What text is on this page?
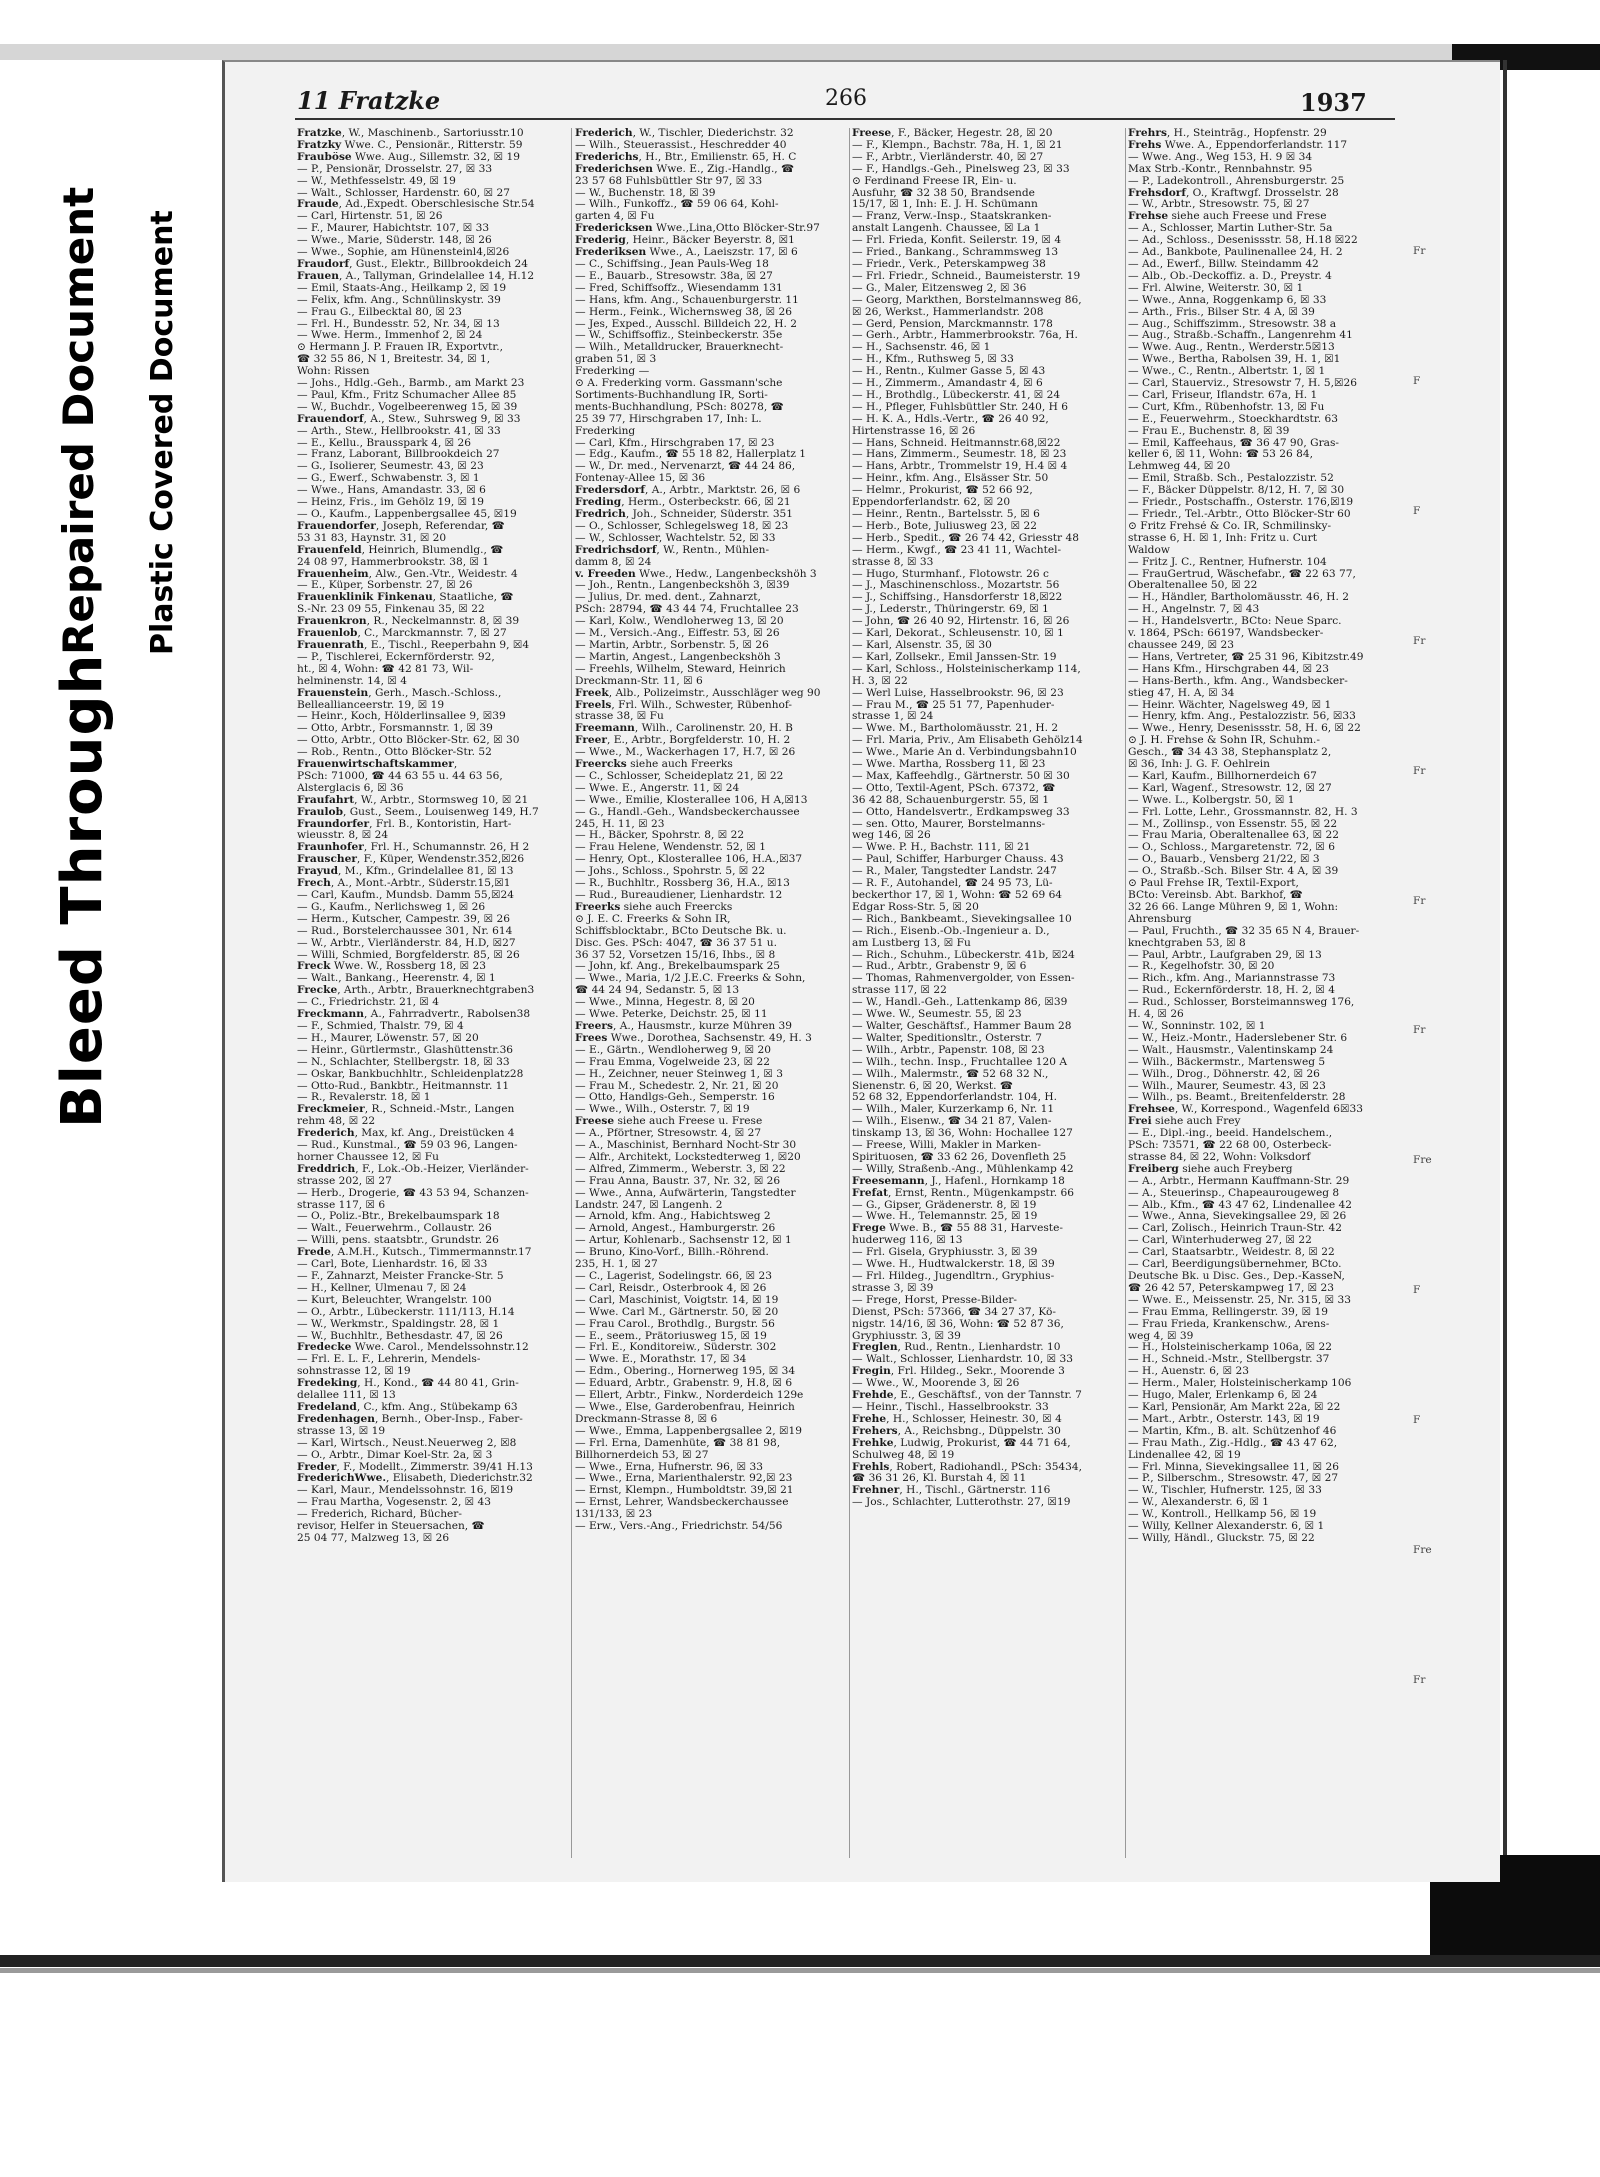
Bleed Through
Repaired Document Plastic Covered Document
11 Fratzke	266	1937
Fratzke, W., Maschinenb., Sartoriusstr.10
Fratzky Wwe. C., Pensionär., Ritterstr. 59
Frauböse Wwe. Aug., Sillemstr. 32, ☒ 19
— P., Pensionär, Drosselstr. 27, ☒ 33
— W., Methfesselstr. 49, ☒ 19
— Walt., Schlosser, Hardenstr. 60, ☒ 27
Fraude, Ad.,Expedt. Oberschlesische Str.54
— Carl, Hirtenstr. 51, ☒ 26
— F., Maurer, Habichtstr. 107, ☒ 33
— Wwe., Marie, Süderstr. 148, ☒ 26
— Wwe., Sophie, am Hünensteinl4,☒26
Fraudorf, Gust., Elektr., Billbrookdeich 24
Frauen, A., Tallyman, Grindelallee 14, H.12
— Emil, Staats-Ang., Heilkamp 2, ☒ 19
— Felix, kfm. Ang., Schnülinskystr. 39
— Frau G., Eilbecktal 80, ☒ 23
— Frl. H., Bundesstr. 52, Nr. 34, ☒ 13
— Wwe. Herm., Immenhof 2, ☒ 24
⊙ Hermann J. P. Frauen IR, Exportvtr.,
☎ 32 55 86, N 1, Breitestr. 34, ☒ 1,
Wohn: Rissen
— Johs., Hdlg.-Geh., Barmb., am Markt 23
— Paul, Kfm., Fritz Schumacher Allee 85
— W., Buchdr., Vogelbeerenweg 15, ☒ 39
Frauendorf, A., Stew., Suhrsweg 9, ☒ 33
— Arth., Stew., Hellbrookstr. 41, ☒ 33
— E., Kellu., Brausspark 4, ☒ 26
— Franz, Laborant, Billbrookdeich 27
— G., Isolierer, Seumestr. 43, ☒ 23
— G., Ewerf., Schwabenstr. 3, ☒ 1
— Wwe., Hans, Amandastr. 33, ☒ 6
— Heinz, Fris., im Gehölz 19, ☒ 19
— O., Kaufm., Lappenbergsallee 45, ☒19
Frauendorfer, Joseph, Referendar, ☎
53 31 83, Haynstr. 31, ☒ 20
Frauenfeld, Heinrich, Blumendlg., ☎
24 08 97, Hammerbrookstr. 38, ☒ 1
Frauenheim, Alw., Gen.-Vtr., Weidestr. 4
— E., Küper, Sorbenstr. 27, ☒ 26
Frauenklinik Finkenau, Staatliche, ☎
S.-Nr. 23 09 55, Finkenau 35, ☒ 22
Frauenkron, R., Neckelmannstr. 8, ☒ 39
Frauenlob, C., Marckmannstr. 7, ☒ 27
Frauenrath, E., Tischl., Reeperbahn 9, ☒4
— P., Tischlerei, Eckernförderstr. 92,
ht., ☒ 4, Wohn: ☎ 42 81 73, Wil-
helminenstr. 14, ☒ 4
Frauenstein, Gerh., Masch.-Schloss.,
Belleallianceerstr. 19, ☒ 19
— Heinr., Koch, Hölderlinsallee 9, ☒39
— Otto, Arbtr., Forsmannstr. 1, ☒ 39
— Otto, Arbtr., Otto Blöcker-Str. 62, ☒ 30
— Rob., Rentn., Otto Blöcker-Str. 52
Frauenwirtschaftskammer,
PSch: 71000, ☎ 44 63 55 u. 44 63 56,
Alsterglacis 6, ☒ 36
Fraufahrt, W., Arbtr., Stormsweg 10, ☒ 21
Fraulob, Gust., Seem., Louisenweg 149, H.7
Fraundorfer, Frl. B., Kontoristin, Hart-
wieusstr. 8, ☒ 24
Fraunhofer, Frl. H., Schumannstr. 26, H 2
Frauscher, F., Küper, Wendenstr.352,☒26
Frayud, M., Kfm., Grindelallee 81, ☒ 13
Frech, A., Mont.-Arbtr., Süderstr.15,☒1
— Carl, Kaufm., Mundsb. Damm 55,☒24
— G., Kaufm., Nerlichsweg 1, ☒ 26
— Herm., Kutscher, Campestr. 39, ☒ 26
— Rud., Borstelerchaussee 301, Nr. 614
— W., Arbtr., Vierländerstr. 84, H.D, ☒27
— Willi, Schmied, Borgfelderstr. 85, ☒ 26
Freck Wwe. W., Rossberg 18, ☒ 23
— Walt., Bankang., Heerenstr. 4, ☒ 1
Frecke, Arth., Arbtr., Brauerknechtgraben3
— C., Friedrichstr. 21, ☒ 4
Freckmann, A., Fahrradvertr., Rabolsen38
— F., Schmied, Thalstr. 79, ☒ 4
— H., Maurer, Löwenstr. 57, ☒ 20
— Heinr., Gürtlermstr., Glashüttenstr.36
— N., Schlachter, Stellbergstr. 18, ☒ 33
— Oskar, Bankbuchhltr., Schleidenplatz28
— Otto-Rud., Bankbtr., Heitmannstr. 11
— R., Revalerstr. 18, ☒ 1
Freckmeier, R., Schneid.-Mstr., Langen
rehm 48, ☒ 22
Frederich, Max, kf. Ang., Dreistücken 4
— Rud., Kunstmal., ☎ 59 03 96, Langen-
horner Chaussee 12, ☒ Fu
Freddrich, F., Lok.-Ob.-Heizer, Vierländer-
strasse 202, ☒ 27
— Herb., Drogerie, ☎ 43 53 94, Schanzen-
strasse 117, ☒ 6
— O., Poliz.-Btr., Brekelbaumspark 18
— Walt., Feuerwehrm., Collaustr. 26
— Willi, pens. staatsbtr., Grundstr. 26
Frede, A.M.H., Kutsch., Timmermannstr.17
— Carl, Bote, Lienhardstr. 16, ☒ 33
— F., Zahnarzt, Meister Francke-Str. 5
— H., Kellner, Ulmenau 7, ☒ 24
— Kurt, Beleuchter, Wrangelstr. 100
— O., Arbtr., Lübeckerstr. 111/113, H.14
— W., Werkmstr., Spaldingstr. 28, ☒ 1
— W., Buchhltr., Bethesdastr. 47, ☒ 26
Fredecke Wwe. Carol., Mendelssohnstr.12
— Frl. E. L. F., Lehrerin, Mendels-
sohnstrasse 12, ☒ 19
Fredeking, H., Kond., ☎ 44 80 41, Grin-
delallee 111, ☒ 13
Fredeland, C., kfm. Ang., Stübekamp 63
Fredenhagen, Bernh., Ober-Insp., Faber-
strasse 13, ☒ 19
— Karl, Wirtsch., Neust.Neuerweg 2, ☒8
— O., Arbtr., Dimar Koel-Str. 2a, ☒ 3
Freder, F., Modellt., Zimmerstr. 39/41 H.13
FrederichWwe., Elisabeth, Diederichstr.32
— Karl, Maur., Mendelssohnstr. 16, ☒19
— Frau Martha, Vogesenstr. 2, ☒ 43
— Frederich, Richard, Bücher-
revisor, Helfer in Steuersachen, ☎
25 04 77, Malzweg 13, ☒ 26
Frederich, W., Tischler, Diederichstr. 32
— Wilh., Steuerassist., Heschredder 40
Frederichs, H., Btr., Emilienstr. 65, H. C
Frederichsen Wwe. E., Zig.-Handlg., ☎
23 57 68 Fuhlsbüttler Str 97, ☒ 33
— W., Buchenstr. 18, ☒ 39
— Wilh., Funkoffz., ☎ 59 06 64, Kohl-
garten 4, ☒ Fu
Fredericksen Wwe.,Lina,Otto Blöcker-Str.97
Frederig, Heinr., Bäcker Beyerstr. 8, ☒1
Frederiksen Wwe., A., Laeiszstr. 17, ☒ 6
— C., Schiffsing., Jean Pauls-Weg 18
— E., Bauarb., Stresowstr. 38a, ☒ 27
— Fred, Schiffsoffz., Wiesendamm 131
— Hans, kfm. Ang., Schauenburgerstr. 11
— Herm., Feink., Wichernsweg 38, ☒ 26
— Jes, Exped., Ausschl. Billdeich 22, H. 2
— W., Schiffsoffiz., Steinbeckerstr. 35e
— Wilh., Metalldrucker, Brauerknecht-
graben 51, ☒ 3
Frederking —
⊙ A. Frederking vorm. Gassmann'sche
Sortiments-Buchhandlung IR, Sorti-
ments-Buchhandlung, PSch: 80278, ☎
25 39 77, Hirschgraben 17, Inh: L.
Frederking
— Carl, Kfm., Hirschgraben 17, ☒ 23
— Edg., Kaufm., ☎ 55 18 82, Hallerplatz 1
— W., Dr. med., Nervenarzt, ☎ 44 24 86,
Fontenay-Allee 15, ☒ 36
Fredersdorf, A., Arbtr., Marktstr. 26, ☒ 6
Freding, Herm., Osterbeckstr. 66, ☒ 21
Fredrich, Joh., Schneider, Süderstr. 351
— O., Schlosser, Schlegelsweg 18, ☒ 23
— W., Schlosser, Wachtelstr. 52, ☒ 33
Fredrichsdorf, W., Rentn., Mühlen-
damm 8, ☒ 24
v. Freeden Wwe., Hedw., Langenbeckshöh 3
— Joh., Rentn., Langenbeckshöh 3, ☒39
— Julius, Dr. med. dent., Zahnarzt,
PSch: 28794, ☎ 43 44 74, Fruchtallee 23
— Karl, Kolw., Wendloherweg 13, ☒ 20
— M., Versich.-Ang., Eiffestr. 53, ☒ 26
— Martin, Arbtr., Sorbenstr. 5, ☒ 26
— Martin, Angest., Langenbeckshöh 3
— Freehls, Wilhelm, Steward, Heinrich
Dreckmann-Str. 11, ☒ 6
Freek, Alb., Polizeimstr., Ausschläger weg 90
Freels, Frl. Wilh., Schwester, Rübenhof-
strasse 38, ☒ Fu
Freemann, Wilh., Carolinenstr. 20, H. B
Freer, E., Arbtr., Borgfelderstr. 10, H. 2
— Wwe., M., Wackerhagen 17, H.7, ☒ 26
Freercks siehe auch Freerks
— C., Schlosser, Scheideplatz 21, ☒ 22
— Wwe. E., Angerstr. 11, ☒ 24
— Wwe., Emilie, Klosterallee 106, H A,☒13
— G., Handl.-Geh., Wandsbeckerchaussee
245, H. 11, ☒ 23
— H., Bäcker, Spohrstr. 8, ☒ 22
— Frau Helene, Wendenstr. 52, ☒ 1
— Henry, Opt., Klosterallee 106, H.A.,☒37
— Johs., Schloss., Spohrstr. 5, ☒ 22
— R., Buchhltr., Rossberg 36, H.A., ☒13
— Rud., Bureaudiener, Lienhardstr. 12
Freerks siehe auch Freercks
⊙ J. E. C. Freerks & Sohn IR,
Schiffsblocktabr., BCto Deutsche Bk. u.
Disc. Ges. PSch: 4047, ☎ 36 37 51 u.
36 37 52, Vorsetzen 15/16, Ihbs., ☒ 8
— John, kf. Ang., Brekelbaumspark 25
— Wwe., Maria, 1/2 J.E.C. Freerks & Sohn,
☎ 44 24 94, Sedanstr. 5, ☒ 13
— Wwe., Minna, Hegestr. 8, ☒ 20
— Wwe. Peterke, Deichstr. 25, ☒ 11
Freers, A., Hausmstr., kurze Mühren 39
Frees Wwe., Dorothea, Sachsenstr. 49, H. 3
— E., Gärtn., Wendloherweg 9, ☒ 20
— Frau Emma, Vogelweide 23, ☒ 22
— H., Zeichner, neuer Steinweg 1, ☒ 3
— Frau M., Schedestr. 2, Nr. 21, ☒ 20
— Otto, Handlgs-Geh., Semperstr. 16
— Wwe., Wilh., Osterstr. 7, ☒ 19
Freese siehe auch Freese u. Frese
— A., Pförtner, Stresowstr. 4, ☒ 27
— A., Maschinist, Bernhard Nocht-Str 30
— Alfr., Architekt, Lockstedterweg 1, ☒20
— Alfred, Zimmerm., Weberstr. 3, ☒ 22
— Frau Anna, Baustr. 37, Nr. 32, ☒ 26
— Wwe., Anna, Aufwärterin, Tangstedter
Landstr. 247, ☒ Langenh. 2
— Arnold, kfm. Ang., Habichtsweg 2
— Arnold, Angest., Hamburgerstr. 26
— Artur, Kohlenarb., Sachsenstr 12, ☒ 1
— Bruno, Kino-Vorf., Billh.-Röhrend.
235, H. 1, ☒ 27
— C., Lagerist, Sodelingstr. 66, ☒ 23
— Carl, Reisdr., Osterbrook 4, ☒ 26
— Carl, Maschinist, Voigtstr. 14, ☒ 19
— Wwe. Carl M., Gärtnerstr. 50, ☒ 20
— Frau Carol., Brothdlg., Burgstr. 56
— E., seem., Prätoriusweg 15, ☒ 19
— Frl. E., Konditoreiw., Süderstr. 302
— Wwe. E., Morathstr. 17, ☒ 34
— Edm., Obering., Hornerweg 195, ☒ 34
— Eduard, Arbtr., Grabenstr. 9, H.8, ☒ 6
— Ellert, Arbtr., Finkw., Norderdeich 129e
— Wwe., Else, Garderobenfrau, Heinrich
Dreckmann-Strasse 8, ☒ 6
— Wwe., Emma, Lappenbergsallee 2, ☒19
— Frl. Erna, Damenhüte, ☎ 38 81 98,
Billhornerdeich 53, ☒ 27
— Wwe., Erna, Hufnerstr. 96, ☒ 33
— Wwe., Erna, Marienthalerstr. 92,☒ 23
— Ernst, Klempn., Humboldtstr. 39,☒ 21
— Ernst, Lehrer, Wandsbeckerchaussee
131/133, ☒ 23
— Erw., Vers.-Ang., Friedrichstr. 54/56
Freese, F., Bäcker, Hegestr. 28, ☒ 20
— F., Klempn., Bachstr. 78a, H. 1, ☒ 21
— F., Arbtr., Vierländerstr. 40, ☒ 27
— F., Handlgs.-Geh., Pinelsweg 23, ☒ 33
⊙ Ferdinand Freese IR, Ein- u.
Ausfuhr, ☎ 32 38 50, Brandsende
15/17, ☒ 1, Inh: E. J. H. Schümann
— Franz, Verw.-Insp., Staatskranken-
anstalt Langenh. Chaussee, ☒ La 1
— Frl. Frieda, Konfit. Seilerstr. 19, ☒ 4
— Fried., Bankang., Schrammsweg 13
— Friedr., Verk., Peterskampweg 38
— Frl. Friedr., Schneid., Baumeisterstr. 19
— G., Maler, Eitzensweg 2, ☒ 36
— Georg, Markthen, Borstelmannsweg 86,
☒ 26, Werkst., Hammerlandstr. 208
— Gerd, Pension, Marckmannstr. 178
— Gerh., Arbtr., Hammerbrookstr. 76a, H.
— H., Sachsenstr. 46, ☒ 1
— H., Kfm., Ruthsweg 5, ☒ 33
— H., Rentn., Kulmer Gasse 5, ☒ 43
— H., Zimmerm., Amandastr 4, ☒ 6
— H., Brothdlg., Lübeckerstr. 41, ☒ 24
— H., Pfleger, Fuhlsbüttler Str. 240, H 6
— H. K. A., Hdls.-Vertr., ☎ 26 40 92,
Hirtenstrasse 16, ☒ 26
— Hans, Schneid. Heitmannstr.68,☒22
— Hans, Zimmerm., Seumestr. 18, ☒ 23
— Hans, Arbtr., Trommelstr 19, H.4 ☒ 4
— Heinr., kfm. Ang., Elsässer Str. 50
— Helmr., Prokurist, ☎ 52 66 92,
Eppendorferlandstr. 62, ☒ 20
— Heinr., Rentn., Bartelsstr. 5, ☒ 6
— Herb., Bote, Juliusweg 23, ☒ 22
— Herb., Spedit., ☎ 26 74 42, Griesstr 48
— Herm., Kwgf., ☎ 23 41 11, Wachtel-
strasse 8, ☒ 33
— Hugo, Sturmhanf., Flotowstr. 26 c
— J., Maschinenschloss., Mozartstr. 56
— J., Schiffsing., Hansdorferstr 18,☒22
— J., Lederstr., Thüringerstr. 69, ☒ 1
— John, ☎ 26 40 92, Hirtenstr. 16, ☒ 26
— Karl, Dekorat., Schleusenstr. 10, ☒ 1
— Karl, Alsenstr. 35, ☒ 30
— Karl, Zollsekr., Emil Janssen-Str. 19
— Karl, Schloss., Holsteinischerkamp 114,
H. 3, ☒ 22
— Werl Luise, Hasselbrookstr. 96, ☒ 23
— Frau M., ☎ 25 51 77, Papenhuder-
strasse 1, ☒ 24
— Wwe. M., Bartholomäusstr. 21, H. 2
— Frl. Maria, Priv., Am Elisabeth Gehölz14
— Wwe., Marie An d. Verbindungsbahn10
— Wwe. Martha, Rossberg 11, ☒ 23
— Max, Kaffeehdlg., Gärtnerstr. 50 ☒ 30
— Otto, Textil-Agent, PSch. 67372, ☎
36 42 88, Schauenburgerstr. 55, ☒ 1
— Otto, Handelsvertr., Erdkampsweg 33
— sen. Otto, Maurer, Borstelmanns-
weg 146, ☒ 26
— Wwe. P. H., Bachstr. 111, ☒ 21
— Paul, Schiffer, Harburger Chauss. 43
— R., Maler, Tangstedter Landstr. 247
— R. F., Autohandel, ☎ 24 95 73, Lü-
beckerthor 17, ☒ 1, Wohn: ☎ 52 69 64
Edgar Ross-Str. 5, ☒ 20
— Rich., Bankbeamt., Sievekingsallee 10
— Rich., Eisenb.-Ob.-Ingenieur a. D.,
am Lustberg 13, ☒ Fu
— Rich., Schuhm., Lübeckerstr. 41b, ☒24
— Rud., Arbtr., Grabenstr 9, ☒ 6
— Thomas, Rahmenvergolder, von Essen-
strasse 117, ☒ 22
— W., Handl.-Geh., Lattenkamp 86, ☒39
— Wwe. W., Seumestr. 55, ☒ 23
— Walter, Geschäftsf., Hammer Baum 28
— Walter, Speditionsltr., Osterstr. 7
— Wilh., Arbtr., Papenstr. 108, ☒ 23
— Wilh., techn. Insp., Fruchtallee 120 A
— Wilh., Malermstr., ☎ 52 68 32 N.,
Sienenstr. 6, ☒ 20, Werkst. ☎
52 68 32, Eppendorferlandstr. 104, H.
— Wilh., Maler, Kurzerkamp 6, Nr. 11
— Wilh., Eisenw., ☎ 34 21 87, Valen-
tinskamp 13, ☒ 36, Wohn: Hochallee 127
— Freese, Willi, Makler in Marken-
Spirituosen, ☎ 33 62 26, Dovenfleth 25
— Willy, Straßenb.-Ang., Mühlenkamp 42
Freesemann, J., Hafenl., Hornkamp 18
Frefat, Ernst, Rentn., Mügenkampstr. 66
— G., Gipser, Grädenerstr. 8, ☒ 19
— Wwe. H., Telemannstr. 25, ☒ 19
Frege Wwe. B., ☎ 55 88 31, Harveste-
huderweg 116, ☒ 13
— Frl. Gisela, Gryphiusstr. 3, ☒ 39
— Wwe. H., Hudtwalckerstr. 18, ☒ 39
— Frl. Hildeg., Jugendltrn., Gryphius-
strasse 3, ☒ 39
— Frege, Horst, Presse-Bilder-
Dienst, PSch: 57366, ☎ 34 27 37, Kö-
nigstr. 14/16, ☒ 36, Wohn: ☎ 52 87 36,
Gryphiusstr. 3, ☒ 39
Freglen, Rud., Rentn., Lienhardstr. 10
— Walt., Schlosser, Lienhardstr. 10, ☒ 33
Fregin, Frl. Hildeg., Sekr., Moorende 3
— Wwe., W., Moorende 3, ☒ 26
Frehde, E., Geschäftsf., von der Tannstr. 7
— Heinr., Tischl., Hasselbrookstr. 33
Frehe, H., Schlosser, Heinestr. 30, ☒ 4
Frehers, A., Reichsbng., Düppelstr. 30
Frehke, Ludwig, Prokurist, ☎ 44 71 64,
Schulweg 48, ☒ 19
Frehls, Robert, Radiohandl., PSch: 35434,
☎ 36 31 26, Kl. Burstah 4, ☒ 11
Frehner, H., Tischl., Gärtnerstr. 116
— Jos., Schlachter, Lutterothstr. 27, ☒19
Frehrs, H., Steintrāg., Hopfenstr. 29
Frehs Wwe. A., Eppendorferlandstr. 117
— Wwe. Ang., Weg 153, H. 9 ☒ 34
Max Strb.-Kontr., Rennbahnstr. 95
— P., Ladekontroll., Ahrensburgerstr. 25
Frehsdorf, O., Kraftwgf. Drosselstr. 28
— W., Arbtr., Stresowstr. 75, ☒ 27
Frehse siehe auch Freese und Frese
— A., Schlosser, Martin Luther-Str. 5a
— Ad., Schloss., Desenissstr. 58, H.18 ☒22
— Ad., Bankbote, Paulinenallee 24, H. 2
— Ad., Ewerf., Billw. Steindamm 42
— Alb., Ob.-Deckoffiz. a. D., Preystr. 4
— Frl. Alwine, Weiterstr. 30, ☒ 1
— Wwe., Anna, Roggenkamp 6, ☒ 33
— Arth., Fris., Bilser Str. 4 A, ☒ 39
— Aug., Schiffszimm., Stresowstr. 38 a
— Aug., Straßb.-Schaffn., Langenrehm 41
— Wwe. Aug., Rentn., Werderstr.5☒13
— Wwe., Bertha, Rabolsen 39, H. 1, ☒1
— Wwe., C., Rentn., Albertstr. 1, ☒ 1
— Carl, Stauerviz., Stresowstr 7, H. 5,☒26
— Carl, Friseur, Iflandstr. 67a, H. 1
— Curt, Kfm., Rübenhofstr. 13, ☒ Fu
— E., Feuerwehrm., Stoeckhardtstr. 63
— Frau E., Buchenstr. 8, ☒ 39
— Emil, Kaffeehaus, ☎ 36 47 90, Gras-
keller 6, ☒ 11, Wohn: ☎ 53 26 84,
Lehmweg 44, ☒ 20
— Emil, Straßb. Sch., Pestalozzistr. 52
— F., Bäcker Düppelstr. 8/12, H. 7, ☒ 30
— Friedr., Postschaffn., Osterstr. 176,☒19
— Friedr., Tel.-Arbtr., Otto Blöcker-Str 60
⊙ Fritz Frehsé & Co. IR, Schmilinsky-
strasse 6, H. ☒ 1, Inh: Fritz u. Curt
Waldow
— Fritz J. C., Rentner, Hufnerstr. 104
— FrauGertrud, Wäschefabr., ☎ 22 63 77,
Oberaltenallee 50, ☒ 22
— H., Händler, Bartholomäusstr. 46, H. 2
— H., Angelnstr. 7, ☒ 43
— H., Handelsvertr., BCto: Neue Sparc.
v. 1864, PSch: 66197, Wandsbecker-
chaussee 249, ☒ 23
— Hans, Vertreter, ☎ 25 31 96, Kibitzstr.49
— Hans Kfm., Hirschgraben 44, ☒ 23
— Hans-Berth., kfm. Ang., Wandsbecker-
stieg 47, H. A, ☒ 34
— Heinr. Wächter, Nagelsweg 49, ☒ 1
— Henry, kfm. Ang., Pestalozzistr. 56, ☒33
— Wwe., Henry, Desenissstr. 58, H. 6, ☒ 22
⊙ J. H. Frehse & Sohn IR, Schuhm.-
Gesch., ☎ 34 43 38, Stephansplatz 2,
☒ 36, Inh: J. G. F. Oehlrein
— Karl, Kaufm., Billhornerdeich 67
— Karl, Wagenf., Stresowstr. 12, ☒ 27
— Wwe. L., Kolbergstr. 50, ☒ 1
— Frl. Lotte, Lehr., Grossmannstr. 82, H. 3
— M., Zollinsp., von Essenstr. 55, ☒ 22
— Frau Maria, Oberaltenallee 63, ☒ 22
— O., Schloss., Margaretenstr. 72, ☒ 6
— O., Bauarb., Vensberg 21/22, ☒ 3
— O., Straßb.-Sch. Bilser Str. 4 A, ☒ 39
⊙ Paul Frehse IR, Textil-Export,
BCto: Vereinsb. Abt. Barkhof, ☎
32 26 66. Lange Mühren 9, ☒ 1, Wohn:
Ahrensburg
— Paul, Fruchth., ☎ 32 35 65 N 4, Brauer-
knechtgraben 53, ☒ 8
— Paul, Arbtr., Laufgraben 29, ☒ 13
— R., Kegelhofstr. 30, ☒ 20
— Rich., kfm. Ang., Mariannstrasse 73
— Rud., Eckernförderstr. 18, H. 2, ☒ 4
— Rud., Schlosser, Borsteimannsweg 176,
H. 4, ☒ 26
— W., Sonninstr. 102, ☒ 1
— W., Heiz.-Montr., Haderslebener Str. 6
— Walt., Hausmstr., Valentinskamp 24
— Wilh., Bäckermstr., Martensweg 5
— Wilh., Drog., Döhnerstr. 42, ☒ 26
— Wilh., Maurer, Seumestr. 43, ☒ 23
— Wilh., ps. Beamt., Breitenfelderstr. 28
Frehsee, W., Korrespond., Wagenfeld 6☒33
Frei siehe auch Frey
— E., Dipl.-ing., beeid. Handelschem.,
PSch: 73571, ☎ 22 68 00, Osterbeck-
strasse 84, ☒ 22, Wohn: Volksdorf
Freiberg siehe auch Freyberg
— A., Arbtr., Hermann Kauffmann-Str. 29
— A., Steuerinsp., Chapeaurougeweg 8
— Alb., Kfm., ☎ 43 47 62, Lindenallee 42
— Wwe., Anna, Sievekingsallee 29, ☒ 26
— Carl, Zolisch., Heinrich Traun-Str. 42
— Carl, Winterhuderweg 27, ☒ 22
— Carl, Staatsarbtr., Weidestr. 8, ☒ 22
— Carl, Beerdigungsübernehmer, BCto.
Deutsche Bk. u Disc. Ges., Dep.-KasseN,
☎ 26 42 57, Peterskampweg 17, ☒ 23
— Wwe. E., Meissenstr. 25, Nr. 315, ☒ 33
— Frau Emma, Rellingerstr. 39, ☒ 19
— Frau Frieda, Krankenschw., Arens-
weg 4, ☒ 39
— H., Holsteinischerkamp 106a, ☒ 22
— H., Schneid.-Mstr., Stellbergstr. 37
— H., Auenstr. 6, ☒ 23
— Herm., Maler, Holsteinischerkamp 106
— Hugo, Maler, Erlenkamp 6, ☒ 24
— Karl, Pensionär, Am Markt 22a, ☒ 22
— Mart., Arbtr., Osterstr. 143, ☒ 19
— Martin, Kfm., B. alt. Schützenhof 46
— Frau Math., Zig.-Hdlg., ☎ 43 47 62,
Lindenallee 42, ☒ 19
— Frl. Minna, Sievekingsallee 11, ☒ 26
— P., Silberschm., Stresowstr. 47, ☒ 27
— W., Tischler, Hufnerstr. 125, ☒ 33
— W., Alexanderstr. 6, ☒ 1
— W., Kontroll., Hellkamp 56, ☒ 19
— Willy, Kellner Alexanderstr. 6, ☒ 1
— Willy, Händl., Gluckstr. 75, ☒ 22
Fr
F
F
Fr
Fr
Fr
Fr
Fre
F
F
Fre
Fr
